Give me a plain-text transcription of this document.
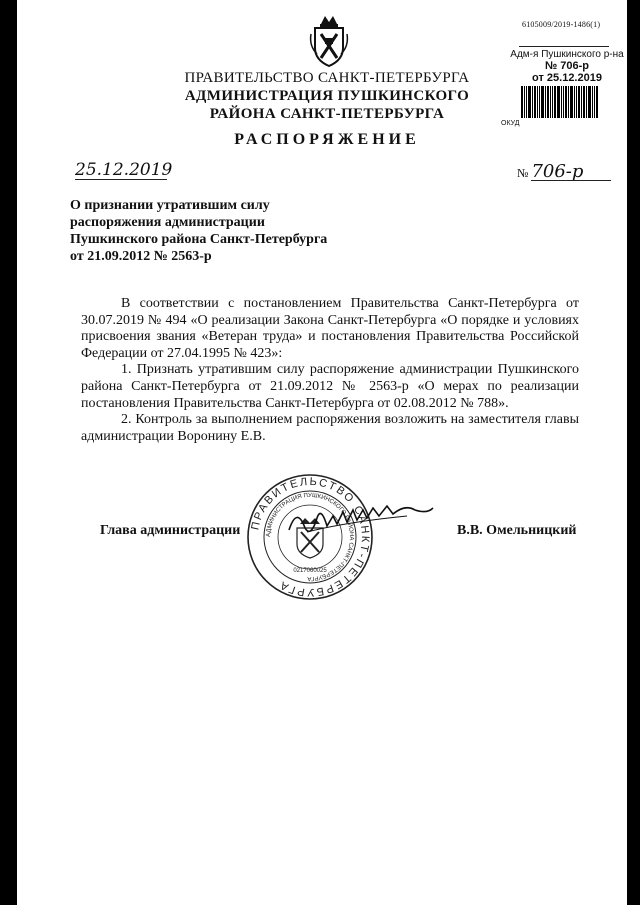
6105009/2019-1486(1)
Адм-я Пушкинского р-на
№ 706-р
от 25.12.2019
ОКУД
ПРАВИТЕЛЬСТВО САНКТ-ПЕТЕРБУРГА
АДМИНИСТРАЦИЯ ПУШКИНСКОГО
РАЙОНА САНКТ-ПЕТЕРБУРГА
РАСПОРЯЖЕНИЕ
25.12.2019	№ 706-р
О признании утратившим силу
распоряжения администрации
Пушкинского района Санкт-Петербурга
от 21.09.2012 № 2563-р

В соответствии с постановлением Правительства Санкт-Петербурга от 30.07.2019 № 494 «О реализации Закона Санкт-Петербурга «О порядке и условиях присвоения звания «Ветеран труда» и постановления Правительства Российской Федерации от 27.04.1995 № 423»:

1. Признать утратившим силу распоряжение администрации Пушкинского района Санкт-Петербурга от 21.09.2012 № 2563-р «О мерах по реализации постановления Правительства Санкт-Петербурга от 02.08.2012 № 788».

2. Контроль за выполнением распоряжения возложить на заместителя главы администрации Воронину Е.В.

ПРАВИТЕЛЬСТВО САНКТ-ПЕТЕРБУРГА
АДМИНИСТРАЦИЯ ПУШКИНСКОГО РАЙОНА САНКТ-ПЕТЕРБУРГА
0217060025
Глава администрации	В.В. Омельницкий
